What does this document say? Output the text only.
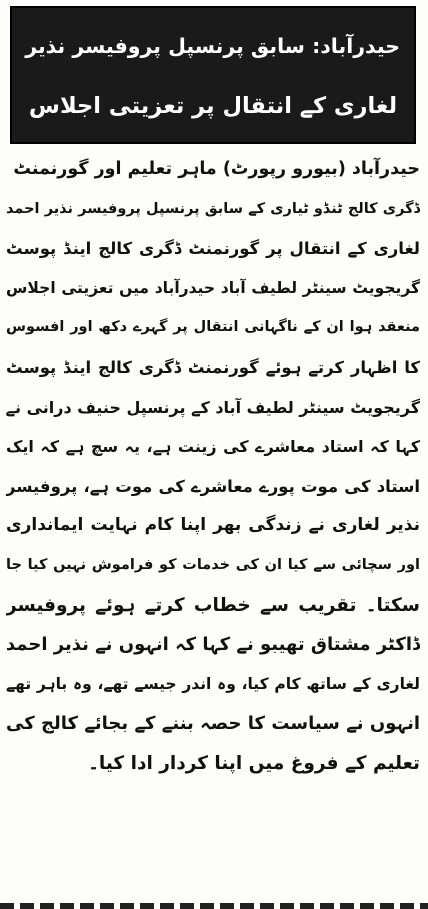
حیدرآباد: سابق پرنسپل پروفیسر نذیر
لغاری کے انتقال پر تعزیتی اجلاس
حیدرآباد (بیورو رپورٹ) ماہر تعلیم اور گورنمنٹ
ڈگری کالج ٹنڈو ٹیاری کے سابق پرنسپل پروفیسر نذیر احمد
لغاری کے انتقال پر گورنمنٹ ڈگری کالج اینڈ پوسٹ
گریجویٹ سینٹر لطیف آباد حیدرآباد میں تعزیتی اجلاس
منعقد ہوا ان کے ناگہانی انتقال پر گہرے دکھ اور افسوس
کا اظہار کرتے ہوئے گورنمنٹ ڈگری کالج اینڈ پوسٹ
گریجویٹ سینٹر لطیف آباد کے پرنسپل حنیف درانی نے
کہا کہ استاد معاشرے کی زینت ہے، یہ سچ ہے کہ ایک
استاد کی موت پورے معاشرے کی موت ہے، پروفیسر
نذیر لغاری نے زندگی بھر اپنا کام نہایت ایمانداری
اور سچائی سے کیا ان کی خدمات کو فراموش نہیں کیا جا
سکتا۔ تقریب سے خطاب کرتے ہوئے پروفیسر
ڈاکٹر مشتاق تھیبو نے کہا کہ انہوں نے نذیر احمد
لغاری کے ساتھ کام کیا، وہ اندر جیسے تھے، وہ باہر تھے
انہوں نے سیاست کا حصہ بننے کے بجائے کالج کی
تعلیم کے فروغ میں اپنا کردار ادا کیا۔
